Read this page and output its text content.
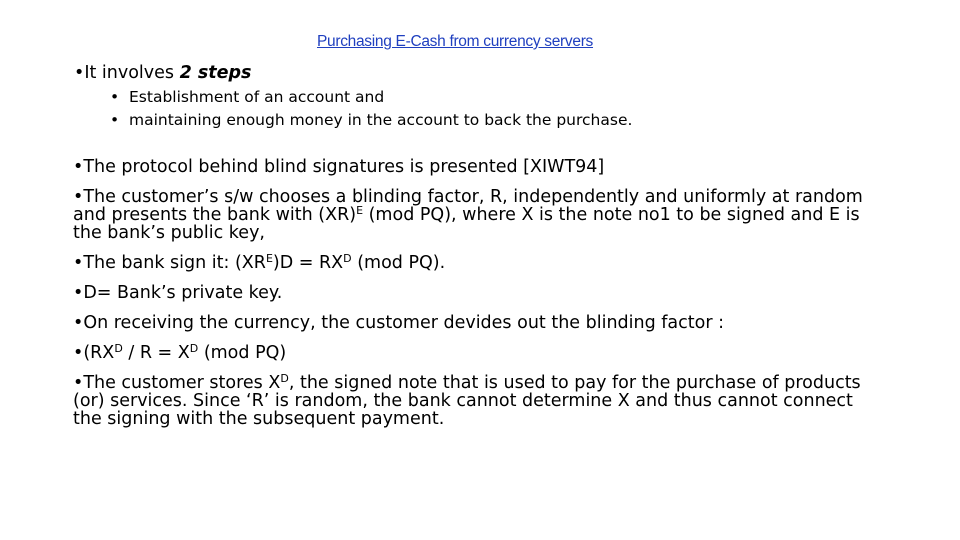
Purchasing E-Cash from currency servers
•It involves 2 steps
• Establishment of an account and
• maintaining enough money in the account to back the purchase.

•The protocol behind blind signatures is presented [XIWT94]

•The customer’s s/w chooses a blinding factor, R, independently and uniformly at random and presents the bank with (XR)$^E$ (mod PQ), where X is the note no1 to be signed and E is the bank’s public key,

•The bank sign it: $(XR^E)D = RX^D$ (mod PQ).

•D= Bank’s private key.

•On receiving the currency, the customer devides out the blinding factor :

$•(RX^D / R = X^D$ (mod PQ)

•The customer stores $X^D$, the signed note that is used to pay for the purchase of products (or) services. Since ‘R’ is random, the bank cannot determine X and thus cannot connect the signing with the subsequent payment.
